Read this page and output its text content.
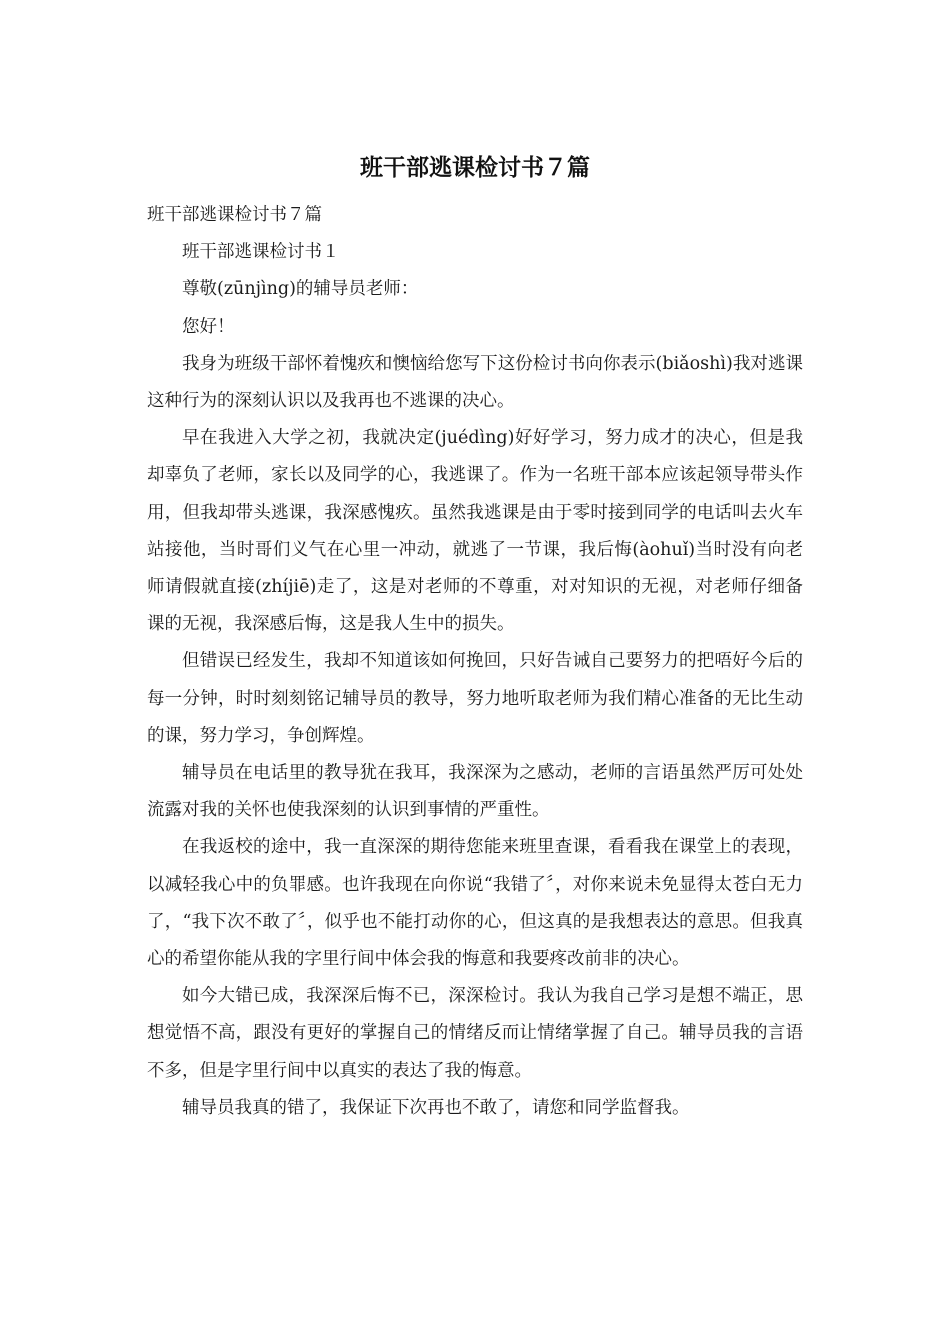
班干部逃课检讨书７篇

班干部逃课检讨书７篇

班干部逃课检讨书１

尊敬(zūnjìng)的辅导员老师：

您好！

我身为班级干部怀着愧疚和懊恼给您写下这份检讨书向你表示(biǎoshì)我对逃课这种行为的深刻认识以及我再也不逃课的决心。

早在我进入大学之初，我就决定(juédìng)好好学习，努力成才的决心，但是我却辜负了老师，家长以及同学的心，我逃课了。作为一名班干部本应该起领导带头作用，但我却带头逃课，我深感愧疚。虽然我逃课是由于零时接到同学的电话叫去火车站接他，当时哥们义气在心里一冲动，就逃了一节课，我后悔(àohuǐ)当时没有向老师请假就直接(zhíjiē)走了，这是对老师的不尊重，对对知识的无视，对老师仔细备课的无视，我深感后悔，这是我人生中的损失。

但错误已经发生，我却不知道该如何挽回，只好告诫自己要努力的把唔好今后的每一分钟，时时刻刻铭记辅导员的教导，努力地听取老师为我们精心准备的无比生动的课，努力学习，争创辉煌。

辅导员在电话里的教导犹在我耳，我深深为之感动，老师的言语虽然严厉可处处流露对我的关怀也使我深刻的认识到事情的严重性。

在我返校的途中，我一直深深的期待您能来班里查课，看看我在课堂上的表现，以减轻我心中的负罪感。也许我现在向你说“我错了〞，对你来说未免显得太苍白无力了，“我下次不敢了〞，似乎也不能打动你的心，但这真的是我想表达的意思。但我真心的希望你能从我的字里行间中体会我的悔意和我要疼改前非的决心。

如今大错已成，我深深后悔不已，深深检讨。我认为我自己学习是想不端正，思想觉悟不高，跟没有更好的掌握自己的情绪反而让情绪掌握了自己。辅导员我的言语不多，但是字里行间中以真实的表达了我的悔意。

辅导员我真的错了，我保证下次再也不敢了，请您和同学监督我。
